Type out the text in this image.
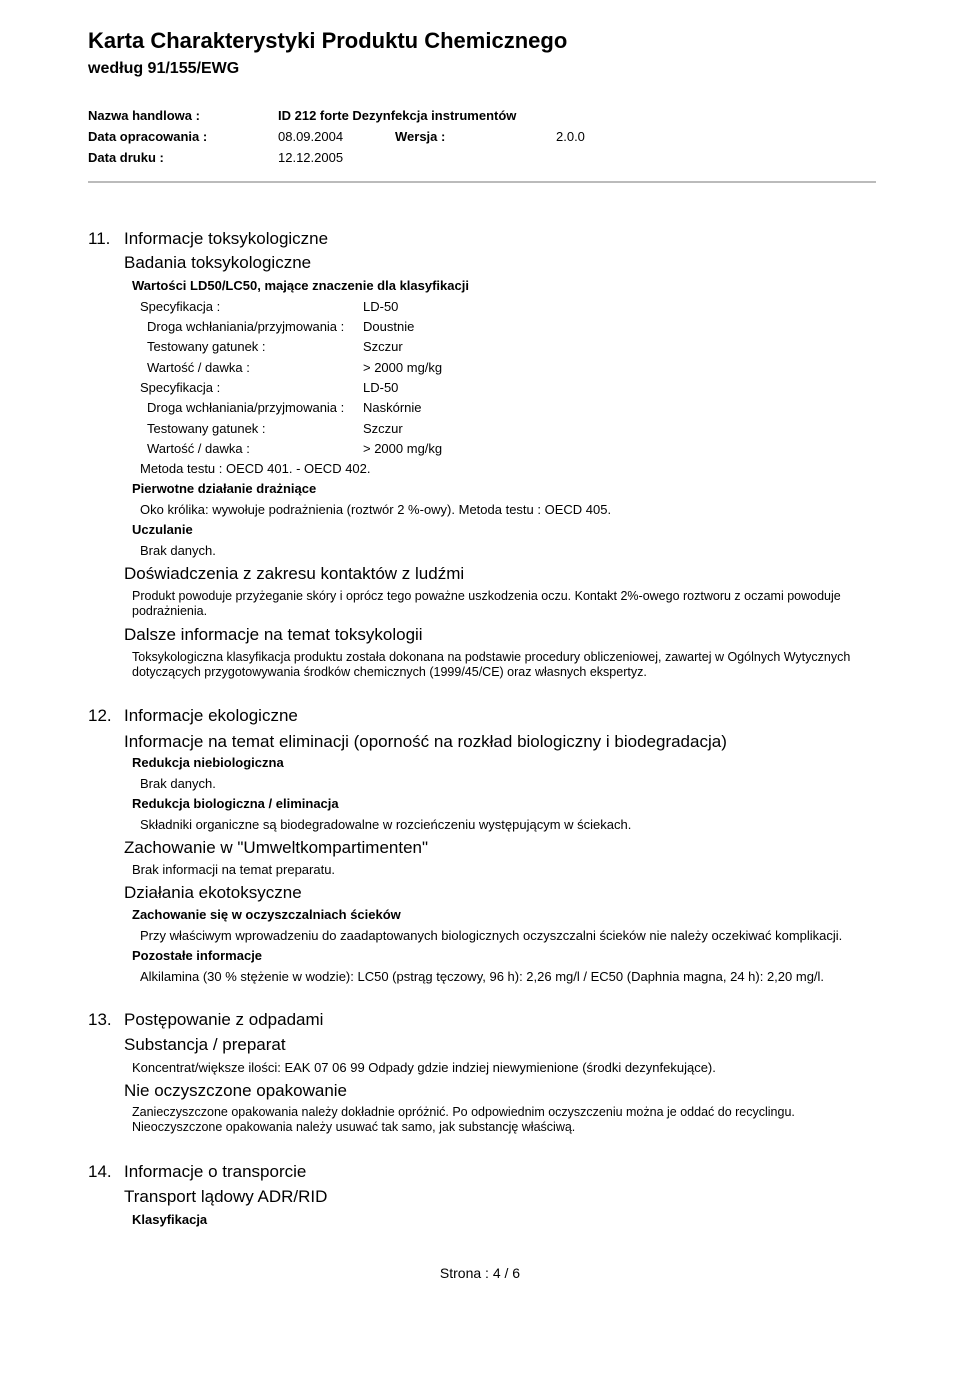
Karta Charakterystyki Produktu Chemicznego
według 91/155/EWG
Nazwa handlowa :	ID 212 forte Dezynfekcja instrumentów
Data opracowania :	08.09.2004	Wersja :	2.0.0
Data druku :	12.12.2005
11. Informacje toksykologiczne
Badania toksykologiczne
Wartości LD50/LC50, mające znaczenie dla klasyfikacji
Specyfikacja :	LD-50
Droga wchłaniania/przyjmowania : Doustnie
Testowany gatunek :	Szczur
Wartość / dawka :	> 2000 mg/kg
Specyfikacja :	LD-50
Droga wchłaniania/przyjmowania : Naskórnie
Testowany gatunek :	Szczur
Wartość / dawka :	> 2000 mg/kg
Metoda testu : OECD 401. - OECD 402.
Pierwotne działanie drażniące
Oko królika: wywołuje podrażnienia (roztwór 2 %-owy). Metoda testu : OECD 405.
Uczulanie
Brak danych.
Doświadczenia z zakresu kontaktów z ludźmi
Produkt powoduje przyżeganie skóry i oprócz tego poważne uszkodzenia oczu. Kontakt 2%-owego roztworu z oczami powoduje podrażnienia.
Dalsze informacje na temat toksykologii
Toksykologiczna klasyfikacja produktu została dokonana na podstawie procedury obliczeniowej, zawartej w Ogólnych Wytycznych dotyczących przygotowywania środków chemicznych (1999/45/CE) oraz własnych ekspertyz.
12. Informacje ekologiczne
Informacje na temat eliminacji (oporność na rozkład biologiczny i biodegradacja)
Redukcja niebiologiczna
Brak danych.
Redukcja biologiczna / eliminacja
Składniki organiczne są biodegradowalne w rozcieńczeniu występującym w ściekach.
Zachowanie w "Umweltkompartimenten"
Brak informacji na temat preparatu.
Działania ekotoksyczne
Zachowanie się w oczyszczalniach ścieków
Przy właściwym wprowadzeniu do zaadaptowanych biologicznych oczyszczalni ścieków nie należy oczekiwać komplikacji.
Pozostałe informacje
Alkilamina (30 % stężenie w wodzie): LC50 (pstrąg tęczowy, 96 h): 2,26 mg/l / EC50 (Daphnia magna, 24 h): 2,20 mg/l.
13. Postępowanie z odpadami
Substancja / preparat
Koncentrat/większe ilości: EAK 07 06 99 Odpady gdzie indziej niewymienione (środki dezynfekujące).
Nie oczyszczone opakowanie
Zanieczyszczone opakowania należy dokładnie opróżnić. Po odpowiednim oczyszczeniu można je oddać do recyclingu. Nieoczyszczone opakowania należy usuwać tak samo, jak substancję właściwą.
14. Informacje o transporcie
Transport lądowy ADR/RID
Klasyfikacja
Strona : 4 / 6
